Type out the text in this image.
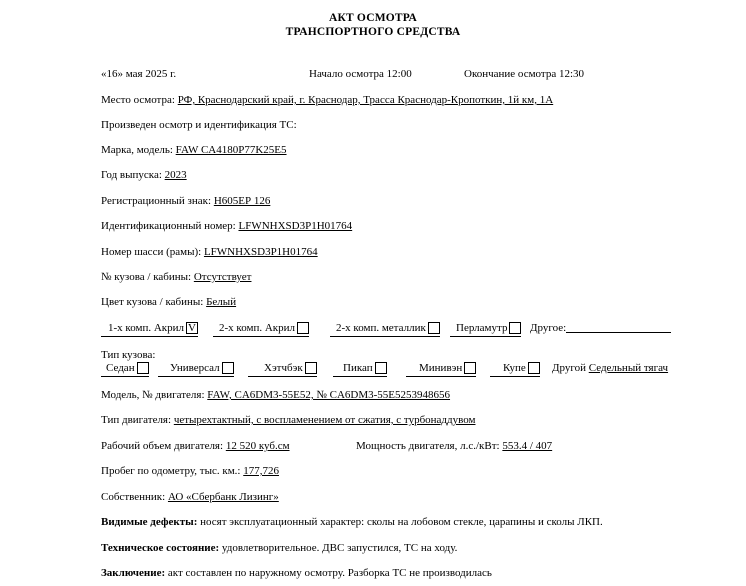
АКТ ОСМОТРА
ТРАНСПОРТНОГО СРЕДСТВА
«16» мая 2025 г.	Начало осмотра 12:00	Окончание осмотра 12:30
Место осмотра: РФ, Краснодарский край, г. Краснодар, Трасса Краснодар-Кропоткин, 1й км, 1А
Произведен осмотр и идентификация ТС:
Марка, модель: FAW CA4180P77K25E5
Год выпуска: 2023
Регистрационный знак: Н605ЕР 126
Идентификационный номер: LFWNHXSD3P1H01764
Номер шасси (рамы): LFWNHXSD3P1H01764
№ кузова / кабины: Отсутствует
Цвет кузова / кабины: Белый
1-х комп. АкрилV	2-х комп. Акрил	2-х комп. металлик	Перламутр	Другое:
Тип кузова:
Седан	Универсал	Хэтчбэк	Пикап	Минивэн	Купе	Другой Седельный тягач
Модель, № двигателя: FAW, CA6DM3-55E52, № CA6DM3-55E5253948656
Тип двигателя: четырехтактный, с воспламенением от сжатия, с турбонаддувом
Рабочий объем двигателя: 12 520 куб.см	Мощность двигателя, л.с./кВт: 553.4 / 407
Пробег по одометру, тыс. км.: 177,726
Собственник: АО «Сбербанк Лизинг»
Видимые дефекты: носят эксплуатационный характер: сколы на лобовом стекле, царапины и сколы ЛКП.
Техническое состояние: удовлетворительное. ДВС запустился, ТС на ходу.
Заключение: акт составлен по наружному осмотру. Разборка ТС не производилась
